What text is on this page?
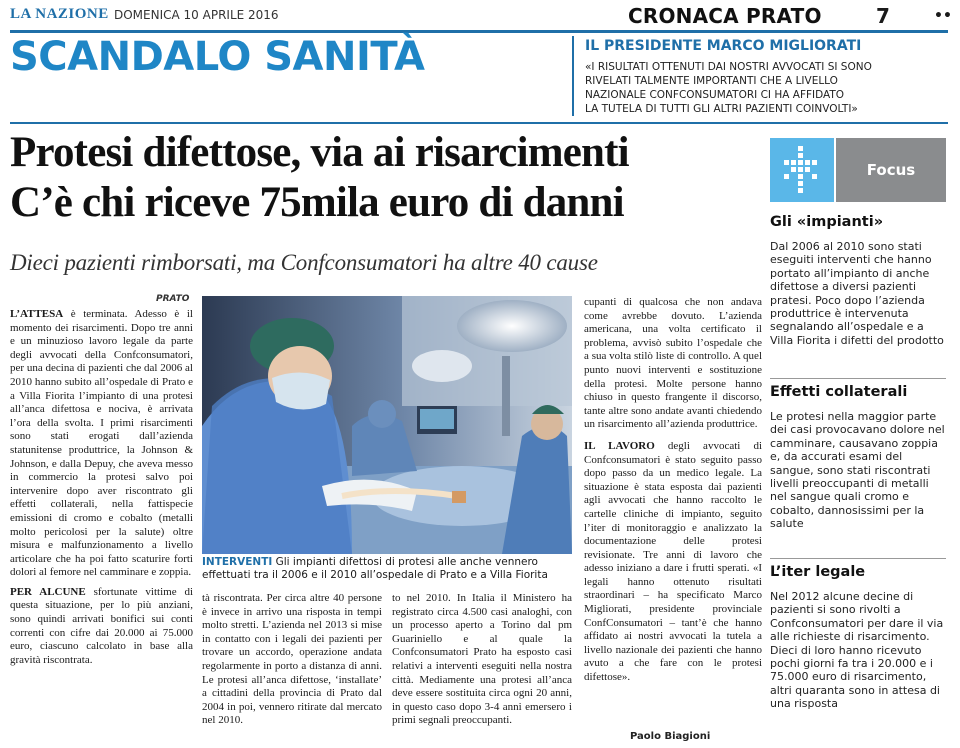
LA NAZIONE DOMENICA 10 APRILE 2016	CRONACA PRATO	7	••
SCANDALO SANITÀ	IL PRESIDENTE MARCO MIGLIORATI
«I RISULTATI OTTENUTI DAI NOSTRI AVVOCATI SI SONO
RIVELATI TALMENTE IMPORTANTI CHE A LIVELLO
NAZIONALE CONFCONSUMATORI CI HA AFFIDATO
LA TUTELA DI TUTTI GLI ALTRI PAZIENTI COINVOLTI»
Protesi difettose, via ai risarcimenti
C’è chi riceve 75mila euro di danni
Dieci pazienti rimborsati, ma Confconsumatori ha altre 40 cause
PRATO

L’ATTESA è terminata. Adesso è il momento dei risarcimenti. Dopo tre anni e un minuzioso lavoro legale da parte degli avvocati della Confconsumatori, per una decina di pazienti che dal 2006 al 2010 hanno subito all’ospedale di Prato e a Villa Fiorita l’impianto di una protesi all’anca difettosa e nociva, è arrivata l’ora della svolta. I primi risarcimenti sono stati erogati dall’azienda statunitense produttrice, la Johnson & Johnson, e dalla Depuy, che aveva messo in commercio la protesi salvo poi intervenire dopo aver riscontrato gli effetti collaterali, nella fattispecie emissioni di cromo e cobalto (metalli molto pericolosi per la salute) oltre misura e malfunzionamento a livello articolare che ha poi fatto scaturire forti dolori al femore nel camminare e zoppia.

PER ALCUNE sfortunate vittime di questa situazione, per lo più anziani, sono quindi arrivati bonifici sui conti correnti con cifre dai 20.000 ai 75.000 euro, ciascuno calcolato in base alla gravità riscontrata.

INTERVENTI Gli impianti difettosi di protesi alle anche vennero effettuati tra il 2006 e il 2010 all’ospedale di Prato e a Villa Fiorita

tà riscontrata. Per circa altre 40 persone è invece in arrivo una risposta in tempi molto stretti. L’azienda nel 2013 si mise in contatto con i legali dei pazienti per trovare un accordo, operazione andata regolarmente in porto a distanza di anni. Le protesi all’anca difettose, ‘installate’ a cittadini della provincia di Prato dal 2004 in poi, vennero ritirate dal mercato nel 2010.

to nel 2010. In Italia il Ministero ha registrato circa 4.500 casi analoghi, con un processo aperto a Torino dal pm Guariniello e al quale la Confconsumatori Prato ha esposto casi relativi a interventi eseguiti nella nostra città. Mediamente una protesi all’anca deve essere sostituita circa ogni 20 anni, in questo caso dopo 3-4 anni emersero i primi segnali preoccupanti.

cupanti di qualcosa che non andava come avrebbe dovuto. L’azienda americana, una volta certificato il problema, avvisò subito l’ospedale che a sua volta stilò liste di controllo. A quel punto nuovi interventi e sostituzione della protesi. Molte persone hanno chiuso in questo frangente il discorso, tante altre sono andate avanti chiedendo un risarcimento all’azienda produttrice.

IL LAVORO degli avvocati di Confconsumatori è stato seguito passo dopo passo da un medico legale. La situazione è stata esposta dai pazienti agli avvocati che hanno raccolto le cartelle cliniche di impianto, seguito l’iter di monitoraggio e analizzato la documentazione delle protesi revisionate. Tre anni di lavoro che adesso iniziano a dare i frutti sperati. «I legali hanno ottenuto risultati straordinari – ha specificato Marco Migliorati, presidente provinciale ConfConsumatori – tant’è che hanno affidato ai nostri avvocati la tutela a livello nazionale dei pazienti che hanno avuto a che fare con le protesi difettose».

Paolo Biagioni
Focus
Gli «impianti»
Dal 2006 al 2010 sono stati eseguiti interventi che hanno portato all’impianto di anche difettose a diversi pazienti pratesi. Poco dopo l’azienda produttrice è intervenuta segnalando all’ospedale e a Villa Fiorita i difetti del prodotto
Effetti collaterali
Le protesi nella maggior parte dei casi provocavano dolore nel camminare, causavano zoppia e, da accurati esami del sangue, sono stati riscontrati livelli preoccupanti di metalli nel sangue quali cromo e cobalto, dannosissimi per la salute
L’iter legale
Nel 2012 alcune decine di pazienti si sono rivolti a Confconsumatori per dare il via alle richieste di risarcimento. Dieci di loro hanno ricevuto pochi giorni fa tra i 20.000 e i 75.000 euro di risarcimento, altri quaranta sono in attesa di una risposta
